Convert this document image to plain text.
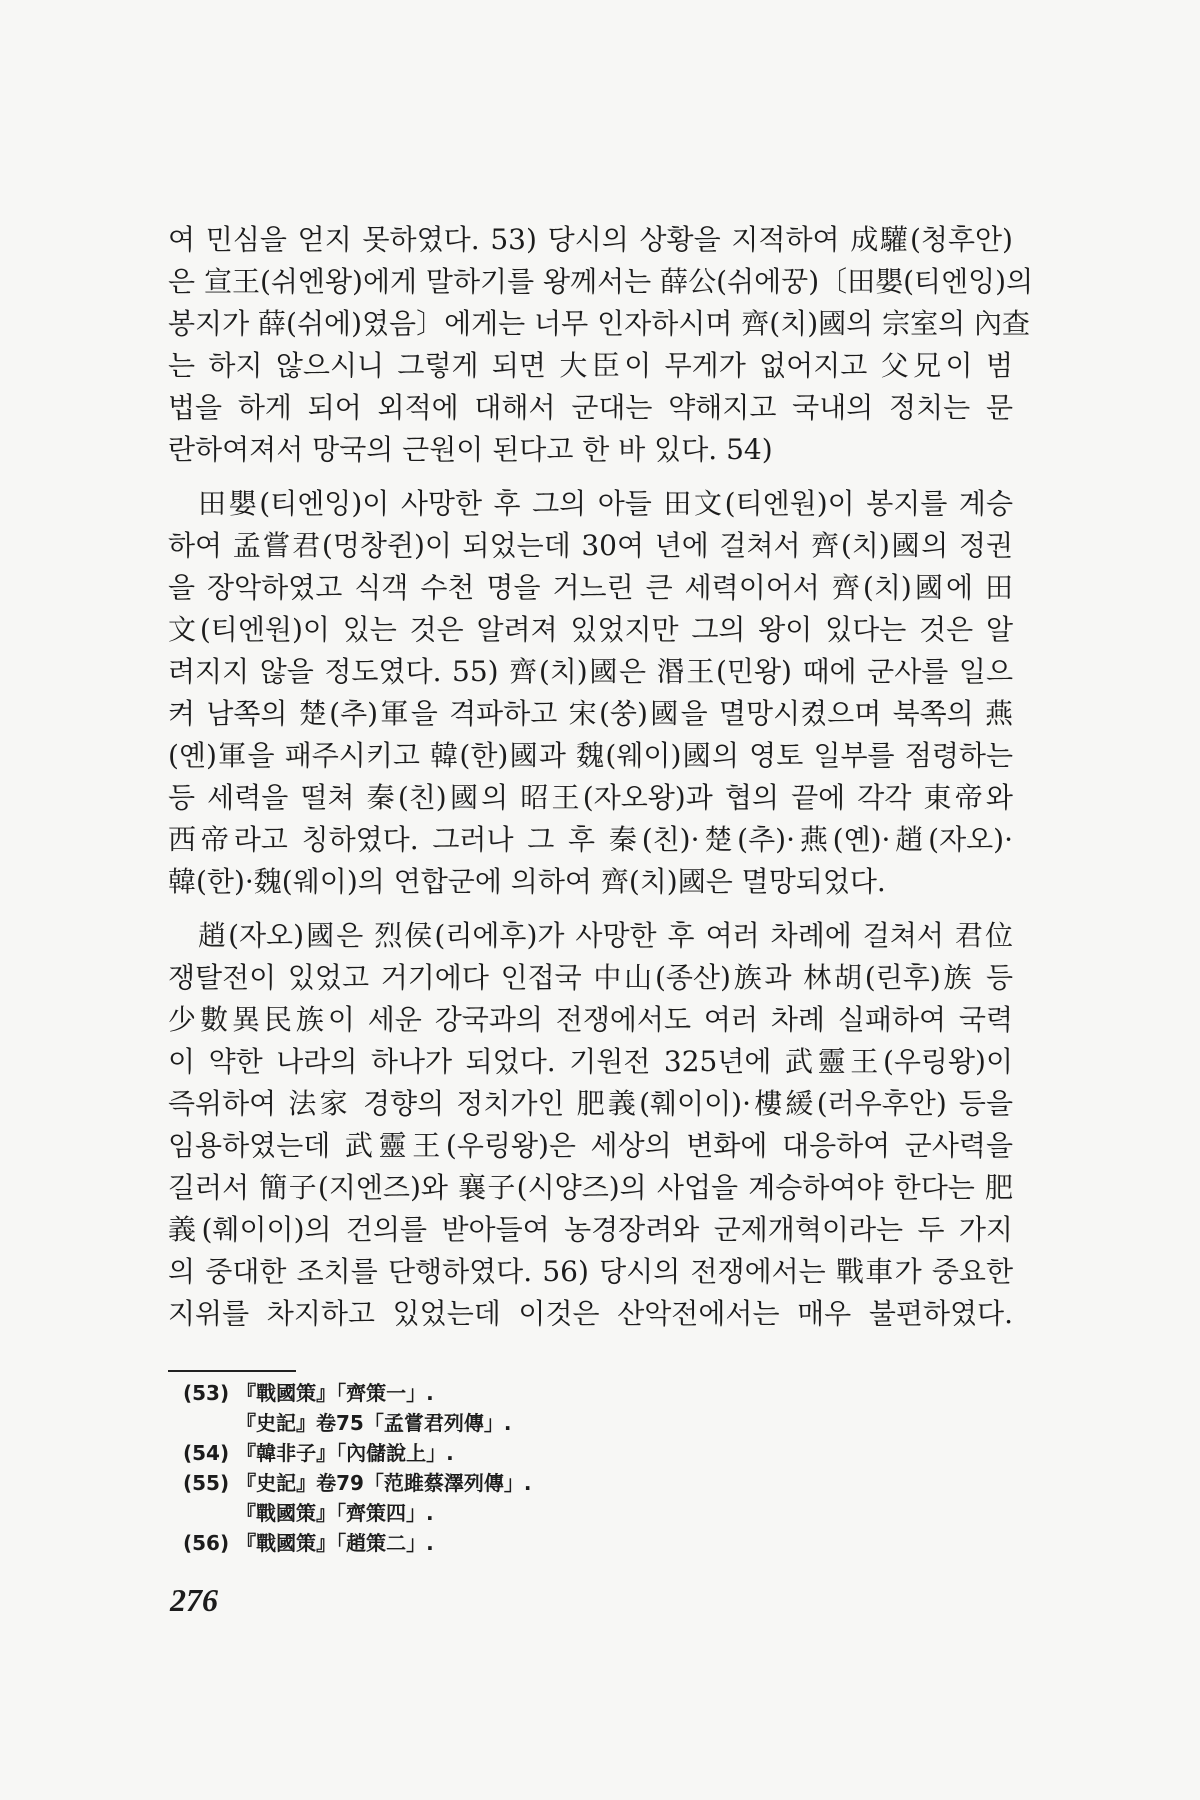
여 민심을 얻지 못하였다. 53) 당시의 상황을 지적하여 成驩(청후안)
은 宣王(쉬엔왕)에게 말하기를 왕께서는 薛公(쉬에꿍)〔田嬰(티엔잉)의
봉지가 薛(쉬에)였음〕에게는 너무 인자하시며 齊(치)國의 宗室의 內查
는 하지 않으시니 그렇게 되면 大臣이 무게가 없어지고 父兄이 범
법을 하게 되어 외적에 대해서 군대는 약해지고 국내의 정치는 문
란하여져서 망국의 근원이 된다고 한 바 있다. 54)
田嬰(티엔잉)이 사망한 후 그의 아들 田文(티엔원)이 봉지를 계승
하여 孟嘗君(멍창쥔)이 되었는데 30여 년에 걸쳐서 齊(치)國의 정권
을 장악하였고 식객 수천 명을 거느린 큰 세력이어서 齊(치)國에 田
文(티엔원)이 있는 것은 알려져 있었지만 그의 왕이 있다는 것은 알
려지지 않을 정도였다. 55) 齊(치)國은 湣王(민왕) 때에 군사를 일으
켜 남쪽의 楚(추)軍을 격파하고 宋(쑹)國을 멸망시켰으며 북쪽의 燕
(옌)軍을 패주시키고 韓(한)國과 魏(웨이)國의 영토 일부를 점령하는
등 세력을 떨쳐 秦(친)國의 昭王(자오왕)과 협의 끝에 각각 東帝와
西帝라고 칭하였다. 그러나 그 후 秦(친)·楚(추)·燕(옌)·趙(자오)·
韓(한)·魏(웨이)의 연합군에 의하여 齊(치)國은 멸망되었다.
趙(자오)國은 烈侯(리에후)가 사망한 후 여러 차례에 걸쳐서 君位
쟁탈전이 있었고 거기에다 인접국 中山(종산)族과 林胡(린후)族 등
少數異民族이 세운 강국과의 전쟁에서도 여러 차례 실패하여 국력
이 약한 나라의 하나가 되었다. 기원전 325년에 武靈王(우링왕)이
즉위하여 法家 경향의 정치가인 肥義(훼이이)·樓緩(러우후안) 등을
임용하였는데 武靈王(우링왕)은 세상의 변화에 대응하여 군사력을
길러서 簡子(지엔즈)와 襄子(시양즈)의 사업을 계승하여야 한다는 肥
義(훼이이)의 건의를 받아들여 농경장려와 군제개혁이라는 두 가지
의 중대한 조치를 단행하였다. 56) 당시의 전쟁에서는 戰車가 중요한
지위를 차지하고 있었는데 이것은 산악전에서는 매우 불편하였다.
(53) 『戰國策』「齊策一」.
『史記』卷75「孟嘗君列傳」.
(54) 『韓非子』「內儲說上」.
(55) 『史記』卷79「范雎蔡澤列傳」.
『戰國策』「齊策四」.
(56) 『戰國策』「趙策二」.
276
